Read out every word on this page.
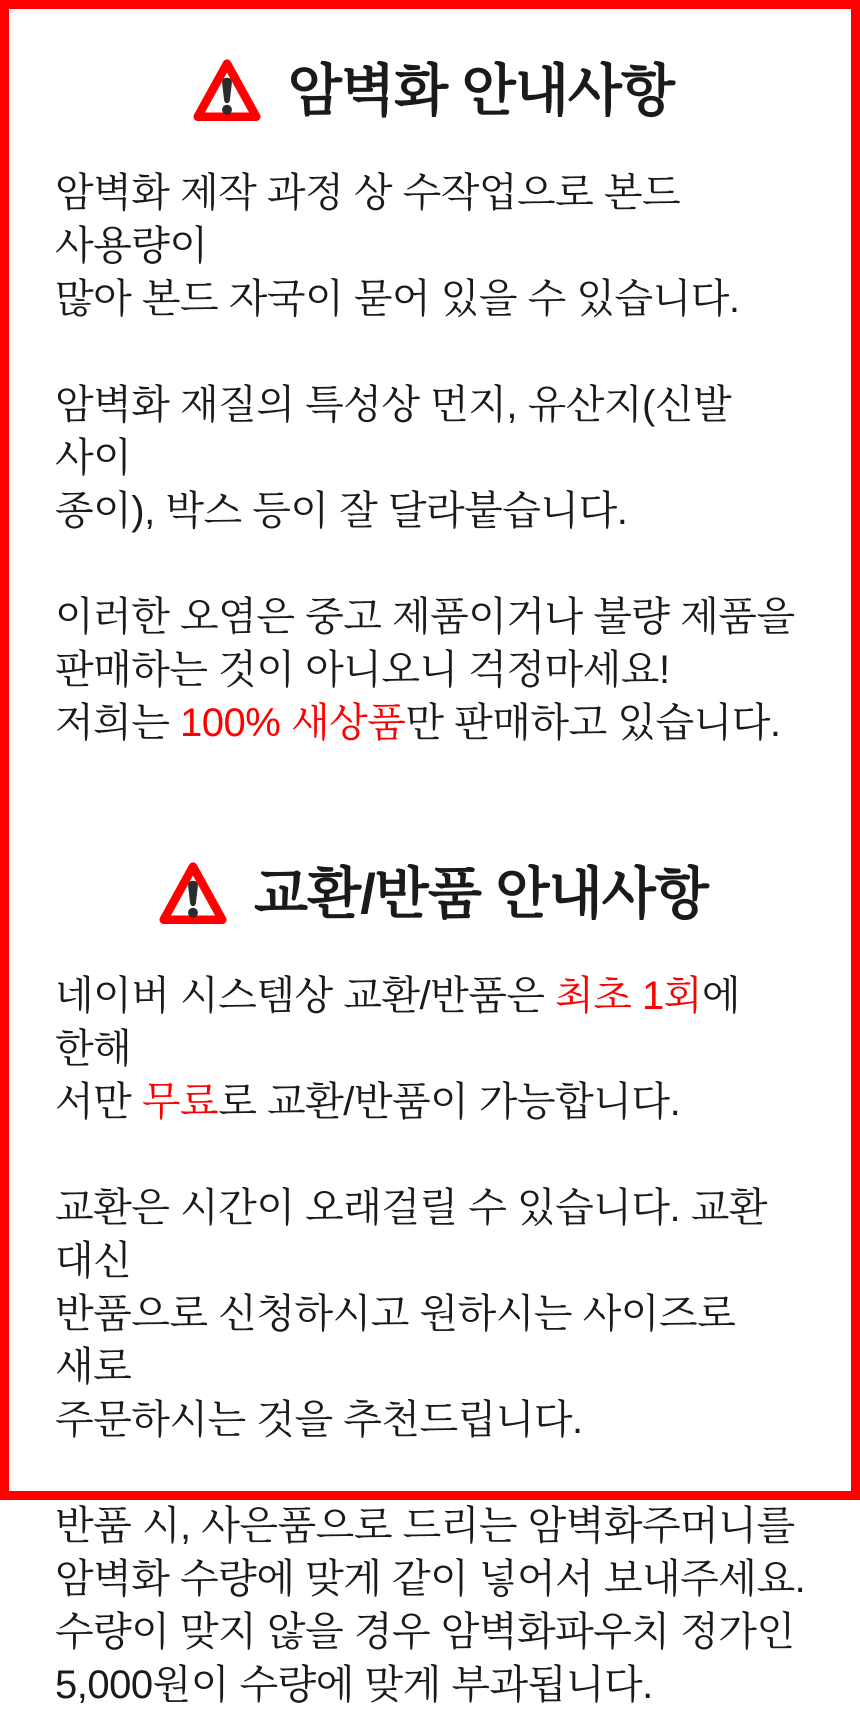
암벽화 안내사항

암벽화 제작 과정 상 수작업으로 본드 사용량이
많아 본드 자국이 묻어 있을 수 있습니다.

암벽화 재질의 특성상 먼지, 유산지(신발 사이
종이), 박스 등이 잘 달라붙습니다.

이러한 오염은 중고 제품이거나 불량 제품을
판매하는 것이 아니오니 걱정마세요!
저희는 100% 새상품만 판매하고 있습니다.

교환/반품 안내사항

네이버 시스템상 교환/반품은 최초 1회에 한해
서만 무료로 교환/반품이 가능합니다.

교환은 시간이 오래걸릴 수 있습니다. 교환 대신
반품으로 신청하시고 원하시는 사이즈로 새로
주문하시는 것을 추천드립니다.

반품 시, 사은품으로 드리는 암벽화주머니를
암벽화 수량에 맞게 같이 넣어서 보내주세요.
수량이 맞지 않을 경우 암벽화파우치 정가인
5,000원이 수량에 맞게 부과됩니다.
